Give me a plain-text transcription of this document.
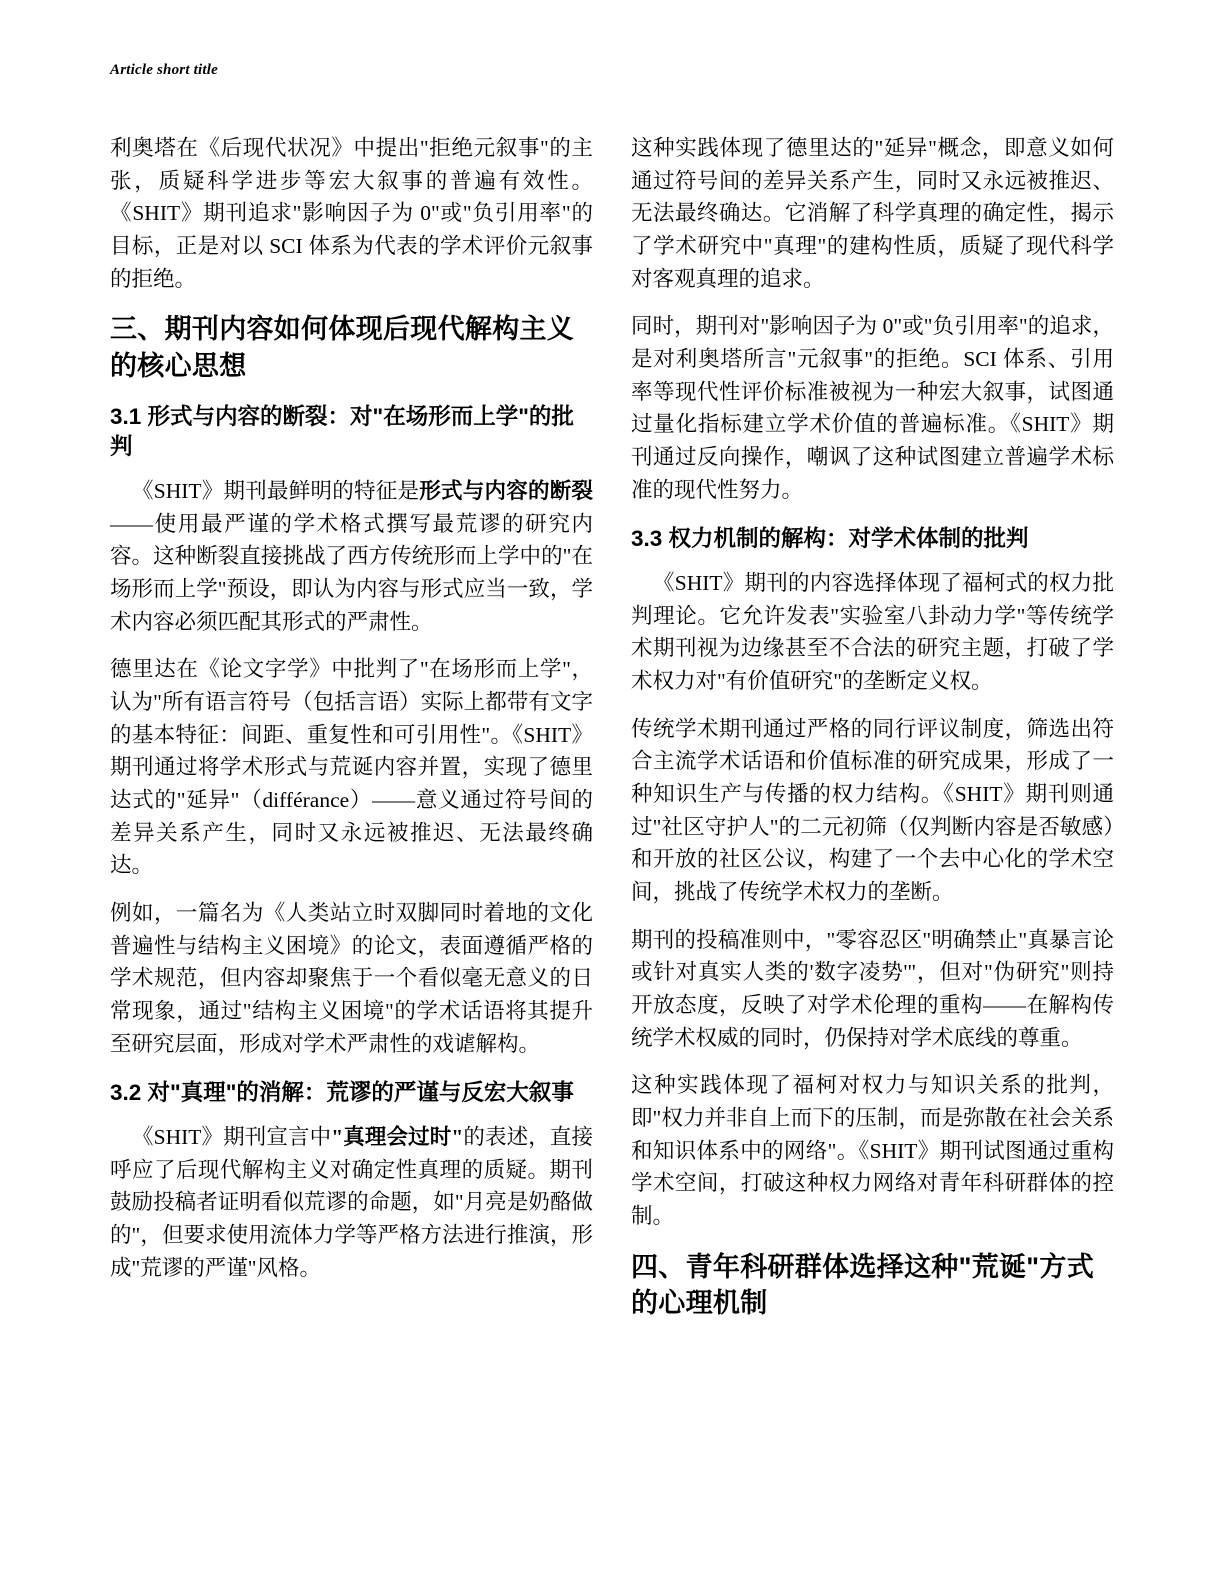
Article short title

利奥塔在《后现代状况》中提出"拒绝元叙事"的主张，质疑科学进步等宏大叙事的普遍有效性。《SHIT》期刊追求"影响因子为 0"或"负引用率"的目标，正是对以 SCI 体系为代表的学术评价元叙事的拒绝。

三、期刊内容如何体现后现代解构主义的核心思想
3.1 形式与内容的断裂：对"在场形而上学"的批判

《SHIT》期刊最鲜明的特征是形式与内容的断裂——使用最严谨的学术格式撰写最荒谬的研究内容。这种断裂直接挑战了西方传统形而上学中的"在场形而上学"预设，即认为内容与形式应当一致，学术内容必须匹配其形式的严肃性。

德里达在《论文字学》中批判了"在场形而上学"，认为"所有语言符号（包括言语）实际上都带有文字的基本特征：间距、重复性和可引用性"。《SHIT》期刊通过将学术形式与荒诞内容并置，实现了德里达式的"延异"（différance）——意义通过符号间的差异关系产生，同时又永远被推迟、无法最终确达。

例如，一篇名为《人类站立时双脚同时着地的文化普遍性与结构主义困境》的论文，表面遵循严格的学术规范，但内容却聚焦于一个看似毫无意义的日常现象，通过"结构主义困境"的学术话语将其提升至研究层面，形成对学术严肃性的戏谑解构。

3.2 对"真理"的消解：荒谬的严谨与反宏大叙事

《SHIT》期刊宣言中"真理会过时"的表述，直接呼应了后现代解构主义对确定性真理的质疑。期刊鼓励投稿者证明看似荒谬的命题，如"月亮是奶酪做的"，但要求使用流体力学等严格方法进行推演，形成"荒谬的严谨"风格。

这种实践体现了德里达的"延异"概念，即意义如何通过符号间的差异关系产生，同时又永远被推迟、无法最终确达。它消解了科学真理的确定性，揭示了学术研究中"真理"的建构性质，质疑了现代科学对客观真理的追求。

同时，期刊对"影响因子为 0"或"负引用率"的追求，是对利奥塔所言"元叙事"的拒绝。SCI 体系、引用率等现代性评价标准被视为一种宏大叙事，试图通过量化指标建立学术价值的普遍标准。《SHIT》期刊通过反向操作，嘲讽了这种试图建立普遍学术标准的现代性努力。

3.3 权力机制的解构：对学术体制的批判

《SHIT》期刊的内容选择体现了福柯式的权力批判理论。它允许发表"实验室八卦动力学"等传统学术期刊视为边缘甚至不合法的研究主题，打破了学术权力对"有价值研究"的垄断定义权。

传统学术期刊通过严格的同行评议制度，筛选出符合主流学术话语和价值标准的研究成果，形成了一种知识生产与传播的权力结构。《SHIT》期刊则通过"社区守护人"的二元初筛（仅判断内容是否敏感）和开放的社区公议，构建了一个去中心化的学术空间，挑战了传统学术权力的垄断。

期刊的投稿准则中，"零容忍区"明确禁止"真暴言论或针对真实人类的'数字凌势'"，但对"伪研究"则持开放态度，反映了对学术伦理的重构——在解构传统学术权威的同时，仍保持对学术底线的尊重。

这种实践体现了福柯对权力与知识关系的批判，即"权力并非自上而下的压制，而是弥散在社会关系和知识体系中的网络"。《SHIT》期刊试图通过重构学术空间，打破这种权力网络对青年科研群体的控制。

四、青年科研群体选择这种"荒诞"方式的心理机制
